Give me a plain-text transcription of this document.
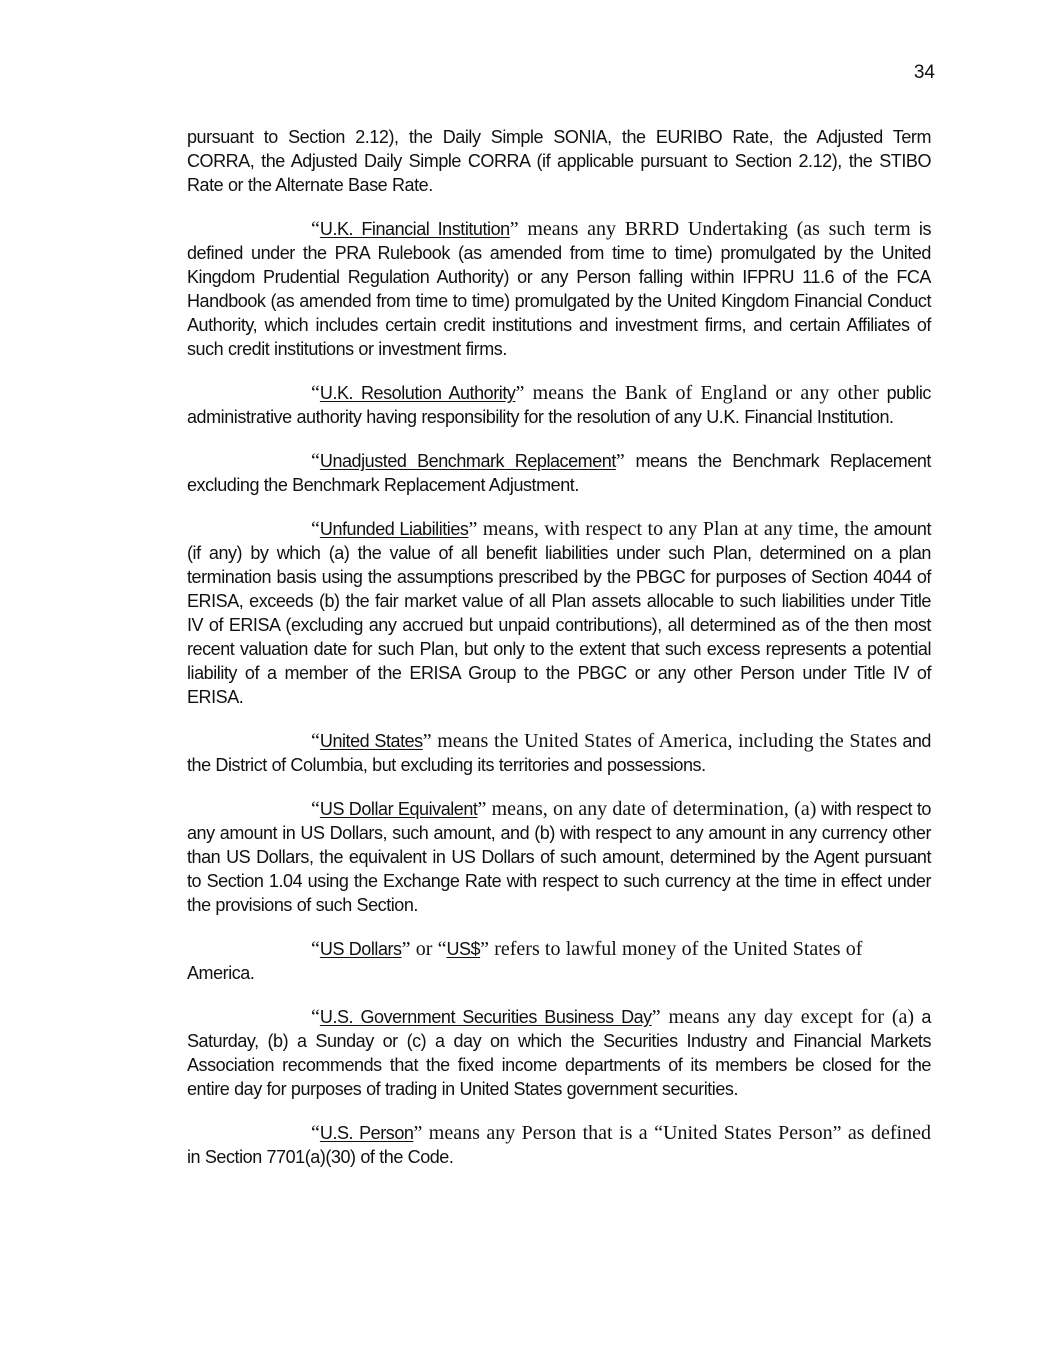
34

pursuant to Section 2.12), the Daily Simple SONIA, the EURIBO Rate, the Adjusted Term CORRA, the Adjusted Daily Simple CORRA (if applicable pursuant to Section 2.12), the STIBO Rate or the Alternate Base Rate.

“U.K. Financial Institution” means any BRRD Undertaking (as such term is defined under the PRA Rulebook (as amended from time to time) promulgated by the United Kingdom Prudential Regulation Authority) or any Person falling within IFPRU 11.6 of the FCA Handbook (as amended from time to time) promulgated by the United Kingdom Financial Conduct Authority, which includes certain credit institutions and investment firms, and certain Affiliates of such credit institutions or investment firms.

“U.K. Resolution Authority” means the Bank of England or any other public administrative authority having responsibility for the resolution of any U.K. Financial Institution.

“Unadjusted Benchmark Replacement” means the Benchmark Replacement excluding the Benchmark Replacement Adjustment.

“Unfunded Liabilities” means, with respect to any Plan at any time, the amount (if any) by which (a) the value of all benefit liabilities under such Plan, determined on a plan termination basis using the assumptions prescribed by the PBGC for purposes of Section 4044 of ERISA, exceeds (b) the fair market value of all Plan assets allocable to such liabilities under Title IV of ERISA (excluding any accrued but unpaid contributions), all determined as of the then most recent valuation date for such Plan, but only to the extent that such excess represents a potential liability of a member of the ERISA Group to the PBGC or any other Person under Title IV of ERISA.

“United States” means the United States of America, including the States and the District of Columbia, but excluding its territories and possessions.

“US Dollar Equivalent” means, on any date of determination, (a) with respect to any amount in US Dollars, such amount, and (b) with respect to any amount in any currency other than US Dollars, the equivalent in US Dollars of such amount, determined by the Agent pursuant to Section 1.04 using the Exchange Rate with respect to such currency at the time in effect under the provisions of such Section.

“US Dollars” or “US$” refers to lawful money of the United States of
America.

“U.S. Government Securities Business Day” means any day except for (a) a Saturday, (b) a Sunday or (c) a day on which the Securities Industry and Financial Markets Association recommends that the fixed income departments of its members be closed for the entire day for purposes of trading in United States government securities.

“U.S. Person” means any Person that is a “United States Person” as defined in Section 7701(a)(30) of the Code.
